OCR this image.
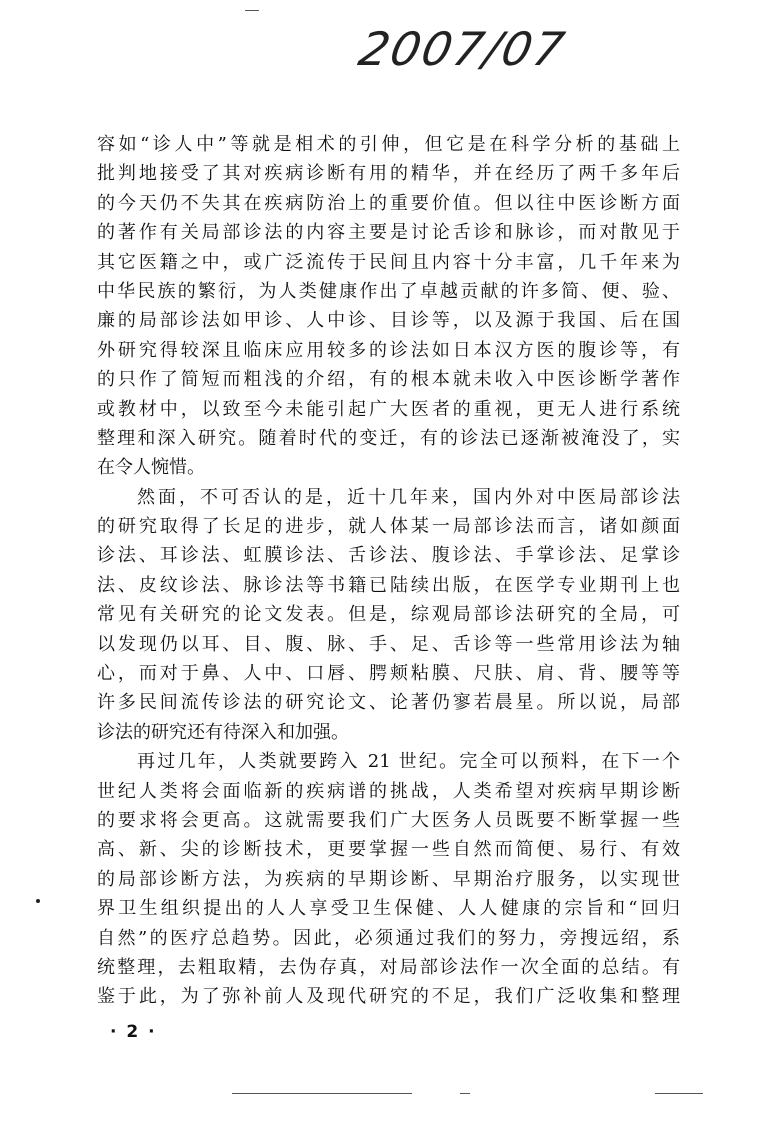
2007/07
容如“诊人中”等就是相术的引伸，但它是在科学分析的基础上
批判地接受了其对疾病诊断有用的精华，并在经历了两千多年后
的今天仍不失其在疾病防治上的重要价值。但以往中医诊断方面
的著作有关局部诊法的内容主要是讨论舌诊和脉诊，而对散见于
其它医籍之中，或广泛流传于民间且内容十分丰富，几千年来为
中华民族的繁衍，为人类健康作出了卓越贡献的许多简、便、验、
廉的局部诊法如甲诊、人中诊、目诊等，以及源于我国、后在国
外研究得较深且临床应用较多的诊法如日本汉方医的腹诊等，有
的只作了简短而粗浅的介绍，有的根本就未收入中医诊断学著作
或教材中，以致至今未能引起广大医者的重视，更无人进行系统
整理和深入研究。随着时代的变迁，有的诊法已逐渐被淹没了，实
在令人惋惜。
然面，不可否认的是，近十几年来，国内外对中医局部诊法
的研究取得了长足的进步，就人体某一局部诊法而言，诸如颜面
诊法、耳诊法、虹膜诊法、舌诊法、腹诊法、手掌诊法、足掌诊
法、皮纹诊法、脉诊法等书籍已陆续出版，在医学专业期刊上也
常见有关研究的论文发表。但是，综观局部诊法研究的全局，可
以发现仍以耳、目、腹、脉、手、足、舌诊等一些常用诊法为轴
心，而对于鼻、人中、口唇、腭颊粘膜、尺肤、肩、背、腰等等
许多民间流传诊法的研究论文、论著仍寥若晨星。所以说，局部
诊法的研究还有待深入和加强。
再过几年，人类就要跨入 21 世纪。完全可以预料，在下一个
世纪人类将会面临新的疾病谱的挑战，人类希望对疾病早期诊断
的要求将会更高。这就需要我们广大医务人员既要不断掌握一些
高、新、尖的诊断技术，更要掌握一些自然而简便、易行、有效
的局部诊断方法，为疾病的早期诊断、早期治疗服务，以实现世
界卫生组织提出的人人享受卫生保健、人人健康的宗旨和“回归
自然”的医疗总趋势。因此，必须通过我们的努力，旁搜远绍，系
统整理，去粗取精，去伪存真，对局部诊法作一次全面的总结。有
鉴于此，为了弥补前人及现代研究的不足，我们广泛收集和整理
· 2 ·
